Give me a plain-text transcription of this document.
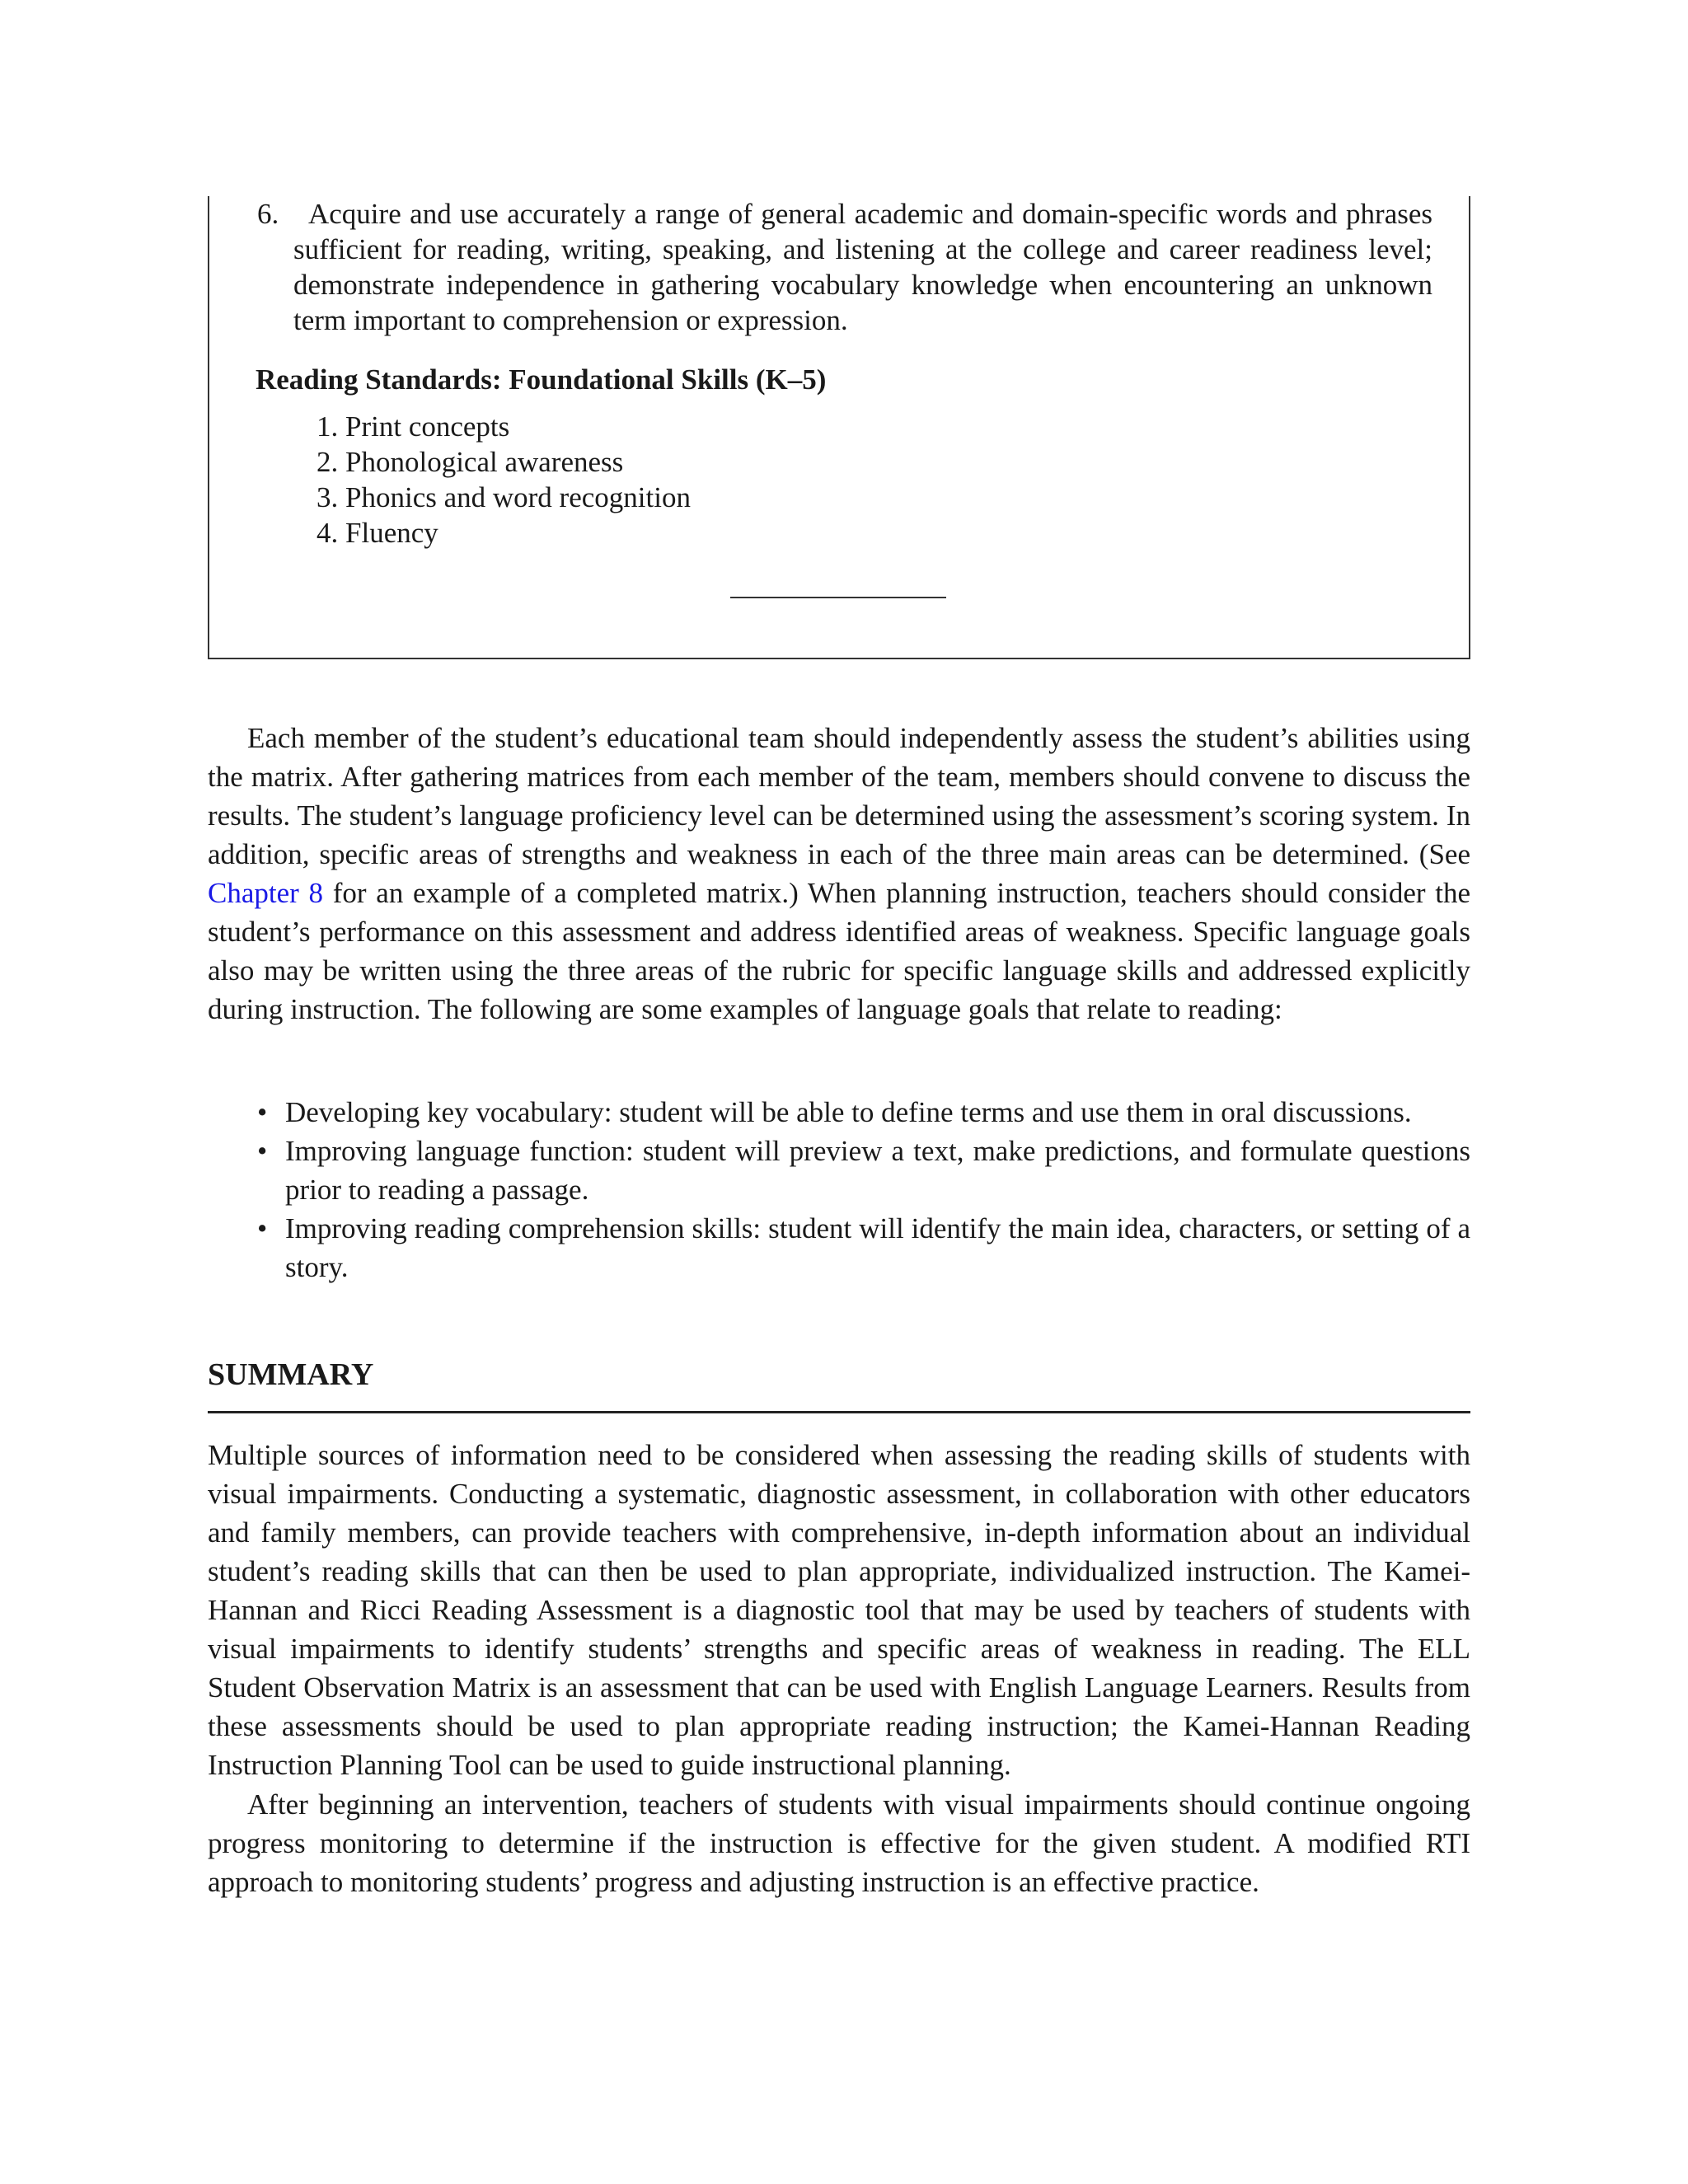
6.	Acquire and use accurately a range of general academic and domain-specific words and phrases sufficient for reading, writing, speaking, and listening at the college and career readiness level; demonstrate independence in gathering vocabulary knowledge when encountering an unknown term important to comprehension or expression.
Reading Standards: Foundational Skills (K–5)
1. Print concepts
2. Phonological awareness
3. Phonics and word recognition
4. Fluency

Each member of the student’s educational team should independently assess the student’s abilities using the matrix. After gathering matrices from each member of the team, members should convene to discuss the results. The student’s language proficiency level can be determined using the assessment’s scoring system. In addition, specific areas of strengths and weakness in each of the three main areas can be determined. (See Chapter 8 for an example of a completed matrix.) When planning instruction, teachers should consider the student’s performance on this assessment and address identified areas of weakness. Specific language goals also may be written using the three areas of the rubric for specific language skills and addressed explicitly during instruction. The following are some examples of language goals that relate to reading:

• Developing key vocabulary: student will be able to define terms and use them in oral discussions.
• Improving language function: student will preview a text, make predictions, and formulate questions prior to reading a passage.
• Improving reading comprehension skills: student will identify the main idea, characters, or setting of a story.
SUMMARY

Multiple sources of information need to be considered when assessing the reading skills of students with visual impairments. Conducting a systematic, diagnostic assessment, in collaboration with other educators and family members, can provide teachers with comprehensive, in-depth information about an individual student’s reading skills that can then be used to plan appropriate, individualized instruction. The Kamei-Hannan and Ricci Reading Assessment is a diagnostic tool that may be used by teachers of students with visual impairments to identify students’ strengths and specific areas of weakness in reading. The ELL Student Observation Matrix is an assessment that can be used with English Language Learners. Results from these assessments should be used to plan appropriate reading instruction; the Kamei-Hannan Reading Instruction Planning Tool can be used to guide instructional planning.

After beginning an intervention, teachers of students with visual impairments should continue ongoing progress monitoring to determine if the instruction is effective for the given student. A modified RTI approach to monitoring students’ progress and adjusting instruction is an effective practice.
